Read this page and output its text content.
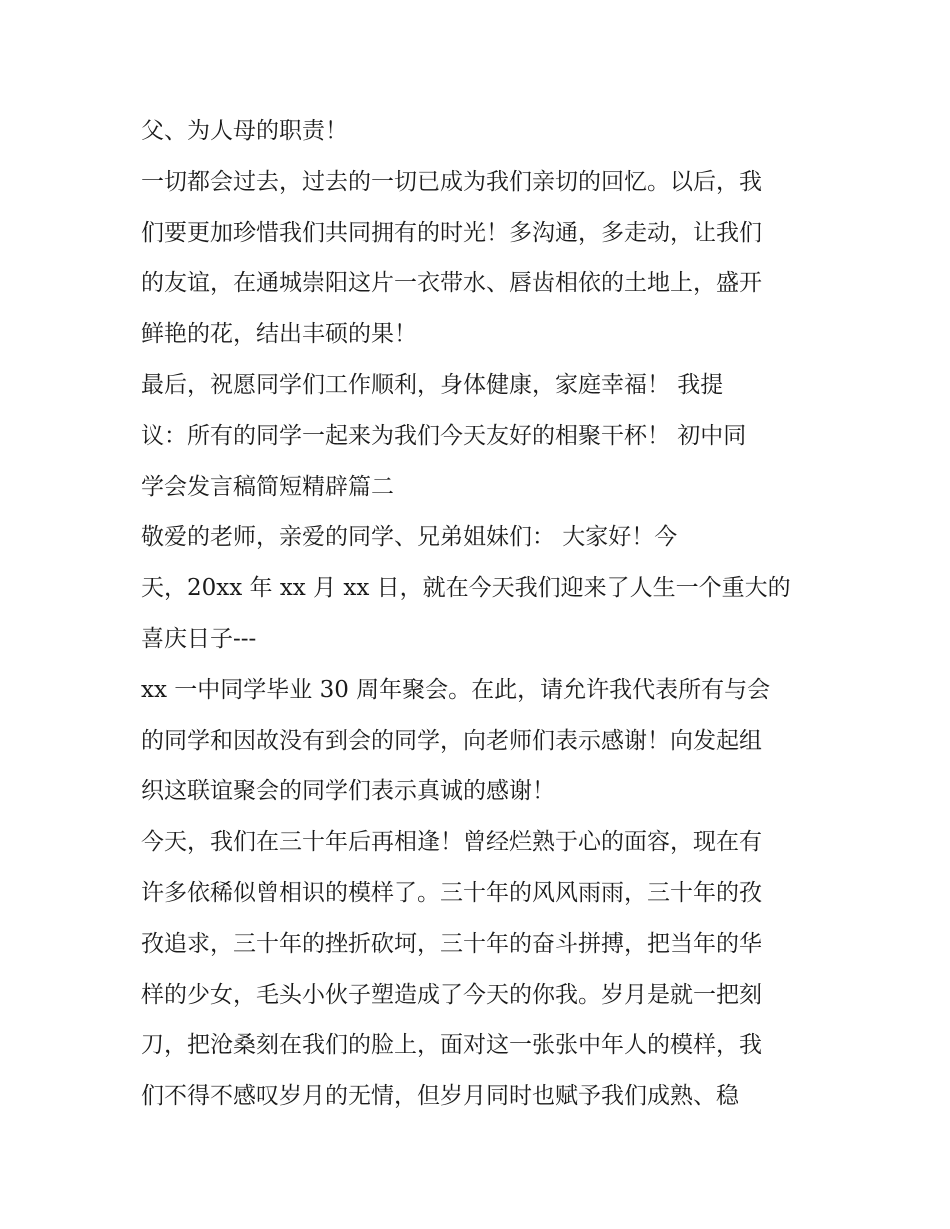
父、为人母的职责！
一切都会过去，过去的一切已成为我们亲切的回忆。以后，我
们要更加珍惜我们共同拥有的时光！多沟通，多走动，让我们
的友谊，在通城崇阳这片一衣带水、唇齿相依的土地上，盛开
鲜艳的花，结出丰硕的果！
最后，祝愿同学们工作顺利，身体健康，家庭幸福！ 我提
议：所有的同学一起来为我们今天友好的相聚干杯！ 初中同
学会发言稿简短精辟篇二
敬爱的老师，亲爱的同学、兄弟姐妹们： 大家好！今
天，20xx 年 xx 月 xx 日，就在今天我们迎来了人生一个重大的
喜庆日子---
xx 一中同学毕业 30 周年聚会。在此，请允许我代表所有与会
的同学和因故没有到会的同学，向老师们表示感谢！向发起组
织这联谊聚会的同学们表示真诚的感谢！
今天，我们在三十年后再相逢！曾经烂熟于心的面容，现在有
许多依稀似曾相识的模样了。三十年的风风雨雨，三十年的孜
孜追求，三十年的挫折砍坷，三十年的奋斗拼搏，把当年的华
样的少女，毛头小伙子塑造成了今天的你我。岁月是就一把刻
刀，把沧桑刻在我们的脸上，面对这一张张中年人的模样，我
们不得不感叹岁月的无情，但岁月同时也赋予我们成熟、稳
